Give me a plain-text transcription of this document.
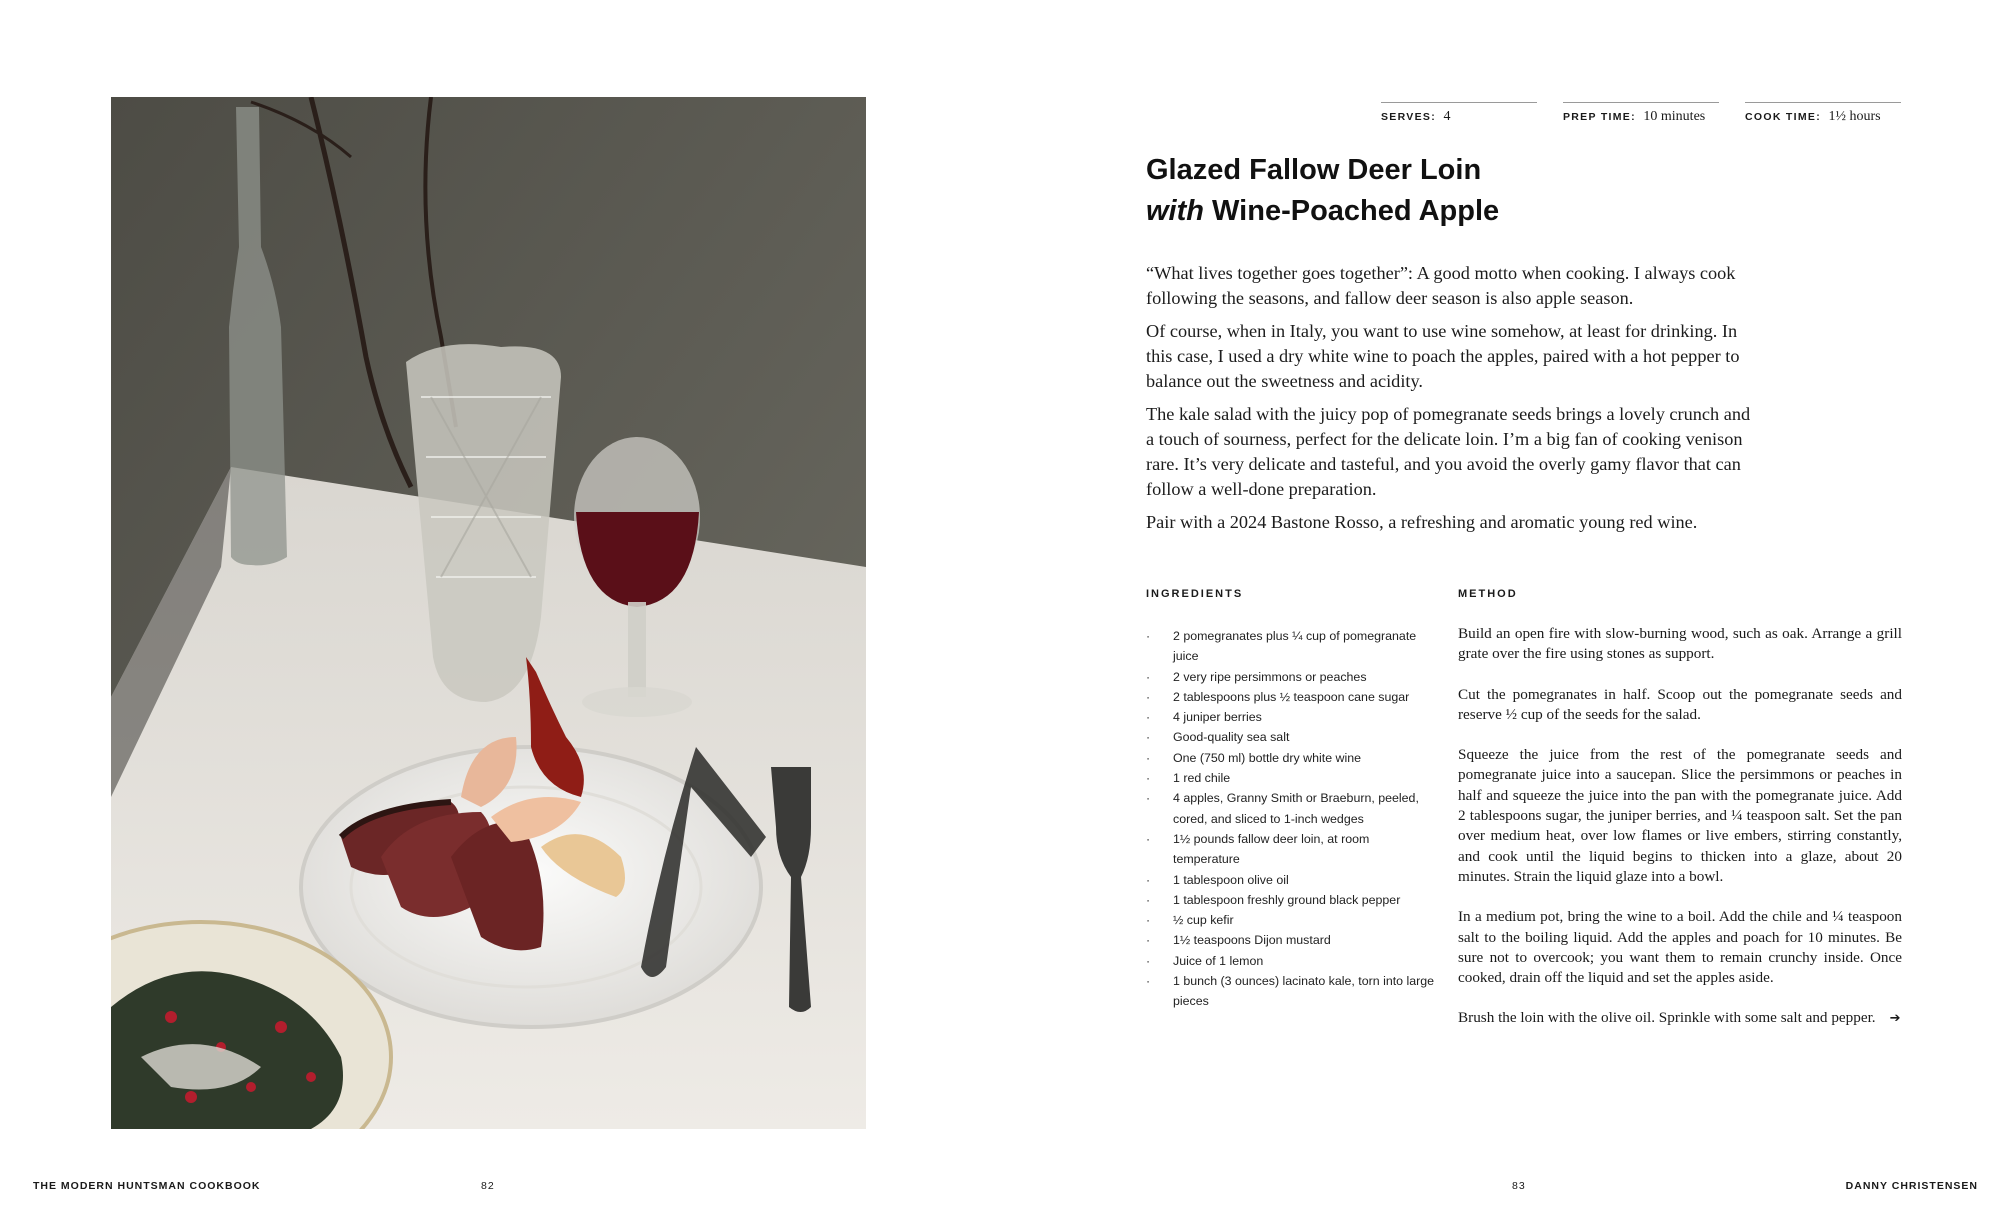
SERVES: 4	PREP TIME: 10 minutes	COOK TIME: 1½ hours
Glazed Fallow Deer Loin
with Wine-Poached Apple

“What lives together goes together”: A good motto when cooking. I always cook following the seasons, and fallow deer season is also apple season.

Of course, when in Italy, you want to use wine somehow, at least for drinking. In this case, I used a dry white wine to poach the apples, paired with a hot pepper to balance out the sweetness and acidity.

The kale salad with the juicy pop of pomegranate seeds brings a lovely crunch and a touch of sourness, perfect for the delicate loin. I’m a big fan of cooking venison rare. It’s very delicate and tasteful, and you avoid the overly gamy flavor that can follow a well-done preparation.

Pair with a 2024 Bastone Rosso, a refreshing and aromatic young red wine.

INGREDIENTS	METHOD
· 2 pomegranates plus ¼ cup of pomegranate juice
· 2 very ripe persimmons or peaches
· 2 tablespoons plus ½ teaspoon cane sugar
· 4 juniper berries
· Good-quality sea salt
· One (750 ml) bottle dry white wine
· 1 red chile
· 4 apples, Granny Smith or Braeburn, peeled, cored, and sliced to 1-inch wedges
· 1½ pounds fallow deer loin, at room temperature
· 1 tablespoon olive oil
· 1 tablespoon freshly ground black pepper
· ½ cup kefir
· 1½ teaspoons Dijon mustard
· Juice of 1 lemon
· 1 bunch (3 ounces) lacinato kale, torn into large pieces

Build an open fire with slow-burning wood, such as oak. Arrange a grill grate over the fire using stones as support.

Cut the pomegranates in half. Scoop out the pomegranate seeds and reserve ½ cup of the seeds for the salad.

Squeeze the juice from the rest of the pomegranate seeds and pomegranate juice into a saucepan. Slice the persimmons or peaches in half and squeeze the juice into the pan with the pomegranate juice. Add 2 tablespoons sugar, the juniper berries, and ¼ teaspoon salt. Set the pan over medium heat, over low flames or live embers, stirring constantly, and cook until the liquid begins to thicken into a glaze, about 20 minutes. Strain the liquid glaze into a bowl.

In a medium pot, bring the wine to a boil. Add the chile and ¼ teaspoon salt to the boiling liquid. Add the apples and poach for 10 minutes. Be sure not to overcook; you want them to remain crunchy inside. Once cooked, drain off the liquid and set the apples aside.

Brush the loin with the olive oil. Sprinkle with some salt and pepper. ➔

THE MODERN HUNTSMAN COOKBOOK	82	83	DANNY CHRISTENSEN
